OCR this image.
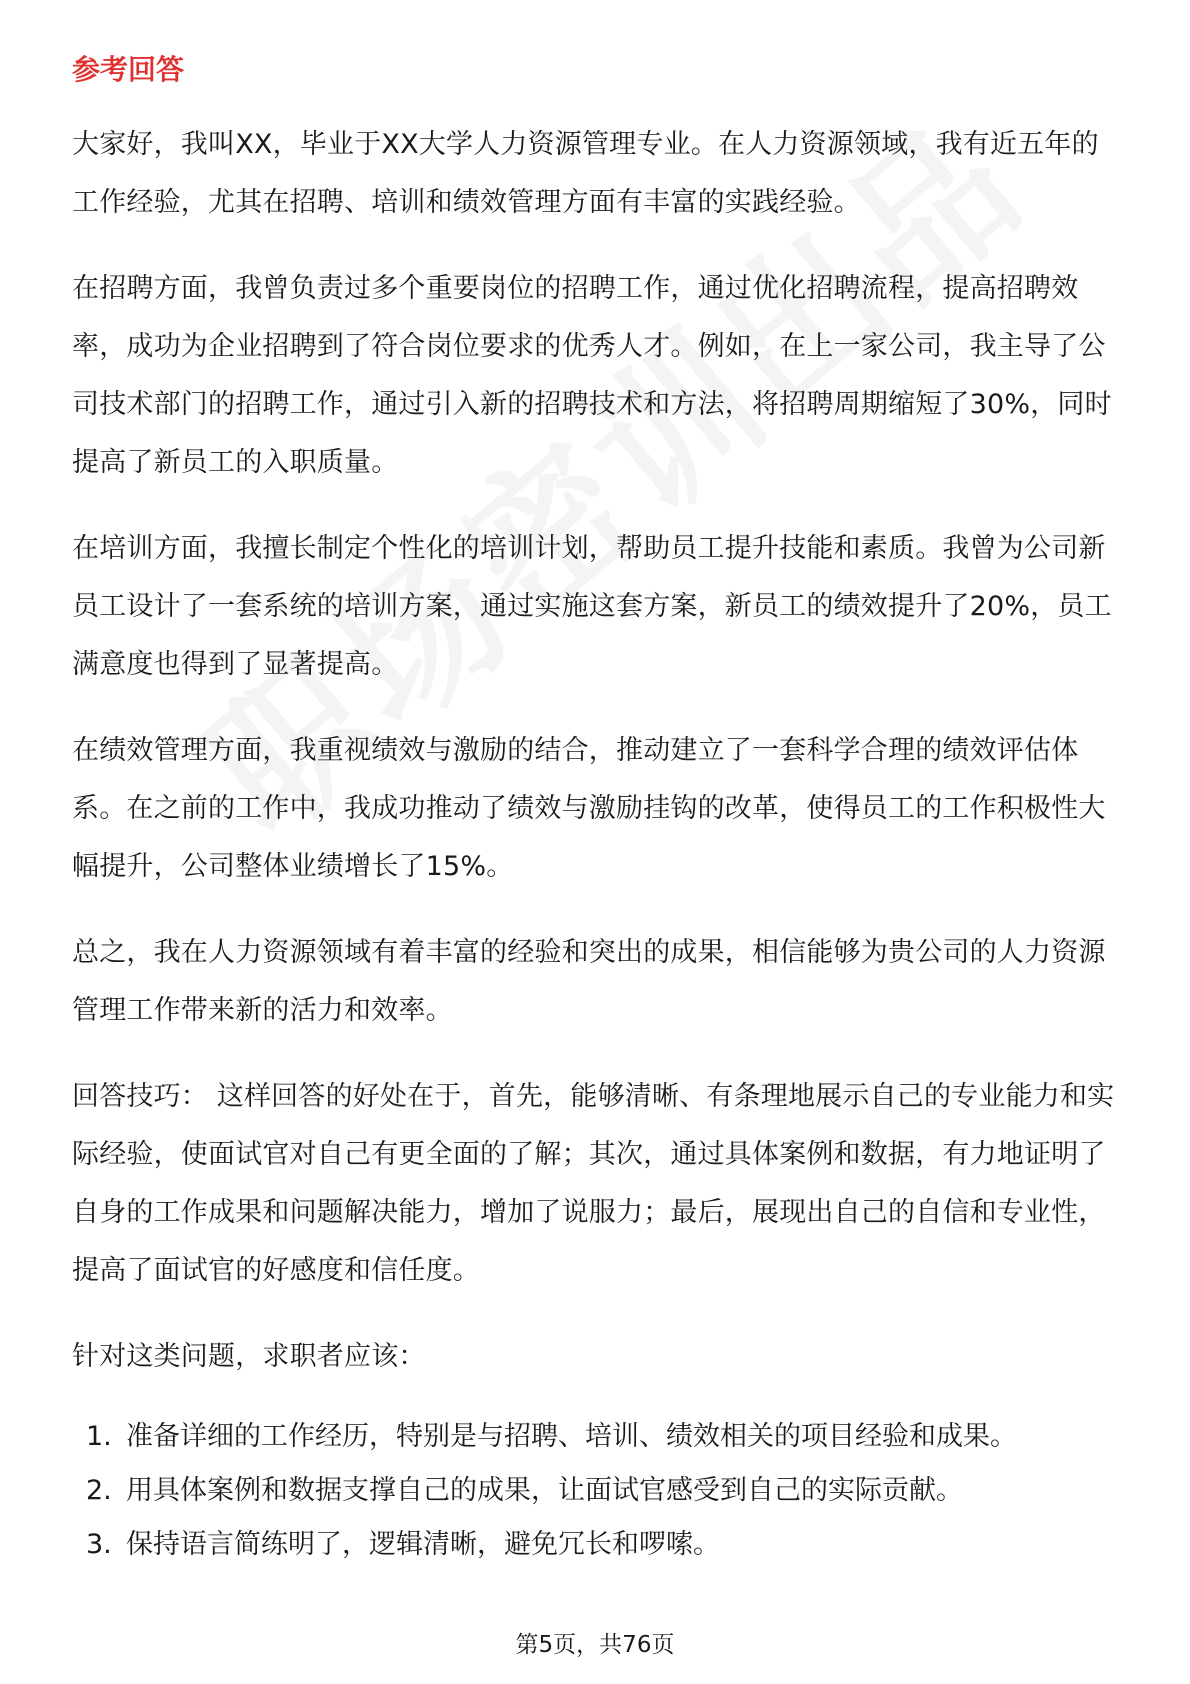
参考回答

大家好，我叫XX，毕业于XX大学人力资源管理专业。在人力资源领域，我有近五年的工作经验，尤其在招聘、培训和绩效管理方面有丰富的实践经验。

在招聘方面，我曾负责过多个重要岗位的招聘工作，通过优化招聘流程，提高招聘效率，成功为企业招聘到了符合岗位要求的优秀人才。例如，在上一家公司，我主导了公司技术部门的招聘工作，通过引入新的招聘技术和方法，将招聘周期缩短了30%，同时提高了新员工的入职质量。

在培训方面，我擅长制定个性化的培训计划，帮助员工提升技能和素质。我曾为公司新员工设计了一套系统的培训方案，通过实施这套方案，新员工的绩效提升了20%，员工满意度也得到了显著提高。

在绩效管理方面，我重视绩效与激励的结合，推动建立了一套科学合理的绩效评估体系。在之前的工作中，我成功推动了绩效与激励挂钩的改革，使得员工的工作积极性大幅提升，公司整体业绩增长了15%。

总之，我在人力资源领域有着丰富的经验和突出的成果，相信能够为贵公司的人力资源管理工作带来新的活力和效率。

回答技巧： 这样回答的好处在于，首先，能够清晰、有条理地展示自己的专业能力和实际经验，使面试官对自己有更全面的了解；其次，通过具体案例和数据，有力地证明了自身的工作成果和问题解决能力，增加了说服力；最后，展现出自己的自信和专业性，提高了面试官的好感度和信任度。

针对这类问题，求职者应该：

1. 准备详细的工作经历，特别是与招聘、培训、绩效相关的项目经验和成果。
2. 用具体案例和数据支撑自己的成果，让面试官感受到自己的实际贡献。
3. 保持语言简练明了，逻辑清晰，避免冗长和啰嗦。
第5页，共76页
